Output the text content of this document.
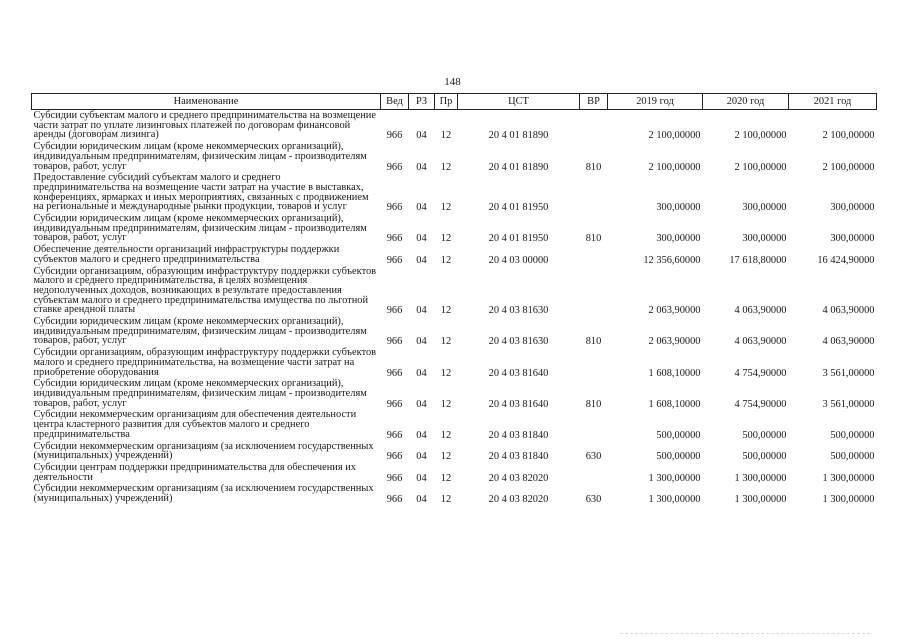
148
Наименование	Вед	РЗ	Пр	ЦСТ	ВР	2019 год	2020 год	2021 год
Субсидии субъектам малого и среднего предпринимательства на возмещение части затрат по уплате лизинговых платежей по договорам финансовой аренды (договорам лизинга)	966	04	12	20 4 01 81890		2 100,00000	2 100,00000	2 100,00000
Субсидии юридическим лицам (кроме некоммерческих организаций), индивидуальным предпринимателям, физическим лицам - производителям товаров, работ, услуг	966	04	12	20 4 01 81890	810	2 100,00000	2 100,00000	2 100,00000
Предоставление субсидий субъектам малого и среднего предпринимательства на возмещение части затрат на участие в выставках, конференциях, ярмарках и иных мероприятиях, связанных с продвижением на региональные и международные рынки продукции, товаров и услуг	966	04	12	20 4 01 81950		300,00000	300,00000	300,00000
Субсидии юридическим лицам (кроме некоммерческих организаций), индивидуальным предпринимателям, физическим лицам - производителям товаров, работ, услуг	966	04	12	20 4 01 81950	810	300,00000	300,00000	300,00000
Обеспечение деятельности организаций инфраструктуры поддержки субъектов малого и среднего предпринимательства	966	04	12	20 4 03 00000		12 356,60000	17 618,80000	16 424,90000
Субсидии организациям, образующим инфраструктуру поддержки субъектов малого и среднего предпринимательства, в целях возмещения недополученных доходов, возникающих в результате предоставления субъектам малого и среднего предпринимательства имущества по льготной ставке арендной платы	966	04	12	20 4 03 81630		2 063,90000	4 063,90000	4 063,90000
Субсидии юридическим лицам (кроме некоммерческих организаций), индивидуальным предпринимателям, физическим лицам - производителям товаров, работ, услуг	966	04	12	20 4 03 81630	810	2 063,90000	4 063,90000	4 063,90000
Субсидии организациям, образующим инфраструктуру поддержки субъектов малого и среднего предпринимательства, на возмещение части затрат на приобретение оборудования	966	04	12	20 4 03 81640		1 608,10000	4 754,90000	3 561,00000
Субсидии юридическим лицам (кроме некоммерческих организаций), индивидуальным предпринимателям, физическим лицам - производителям товаров, работ, услуг	966	04	12	20 4 03 81640	810	1 608,10000	4 754,90000	3 561,00000
Субсидии некоммерческим организациям для обеспечения деятельности центра кластерного развития для субъектов малого и среднего предпринимательства	966	04	12	20 4 03 81840		500,00000	500,00000	500,00000
Субсидии некоммерческим организациям (за исключением государственных (муниципальных) учреждений)	966	04	12	20 4 03 81840	630	500,00000	500,00000	500,00000
Субсидии центрам поддержки предпринимательства для обеспечения их деятельности	966	04	12	20 4 03 82020		1 300,00000	1 300,00000	1 300,00000
Субсидии некоммерческим организациям (за исключением государственных (муниципальных) учреждений)	966	04	12	20 4 03 82020	630	1 300,00000	1 300,00000	1 300,00000
